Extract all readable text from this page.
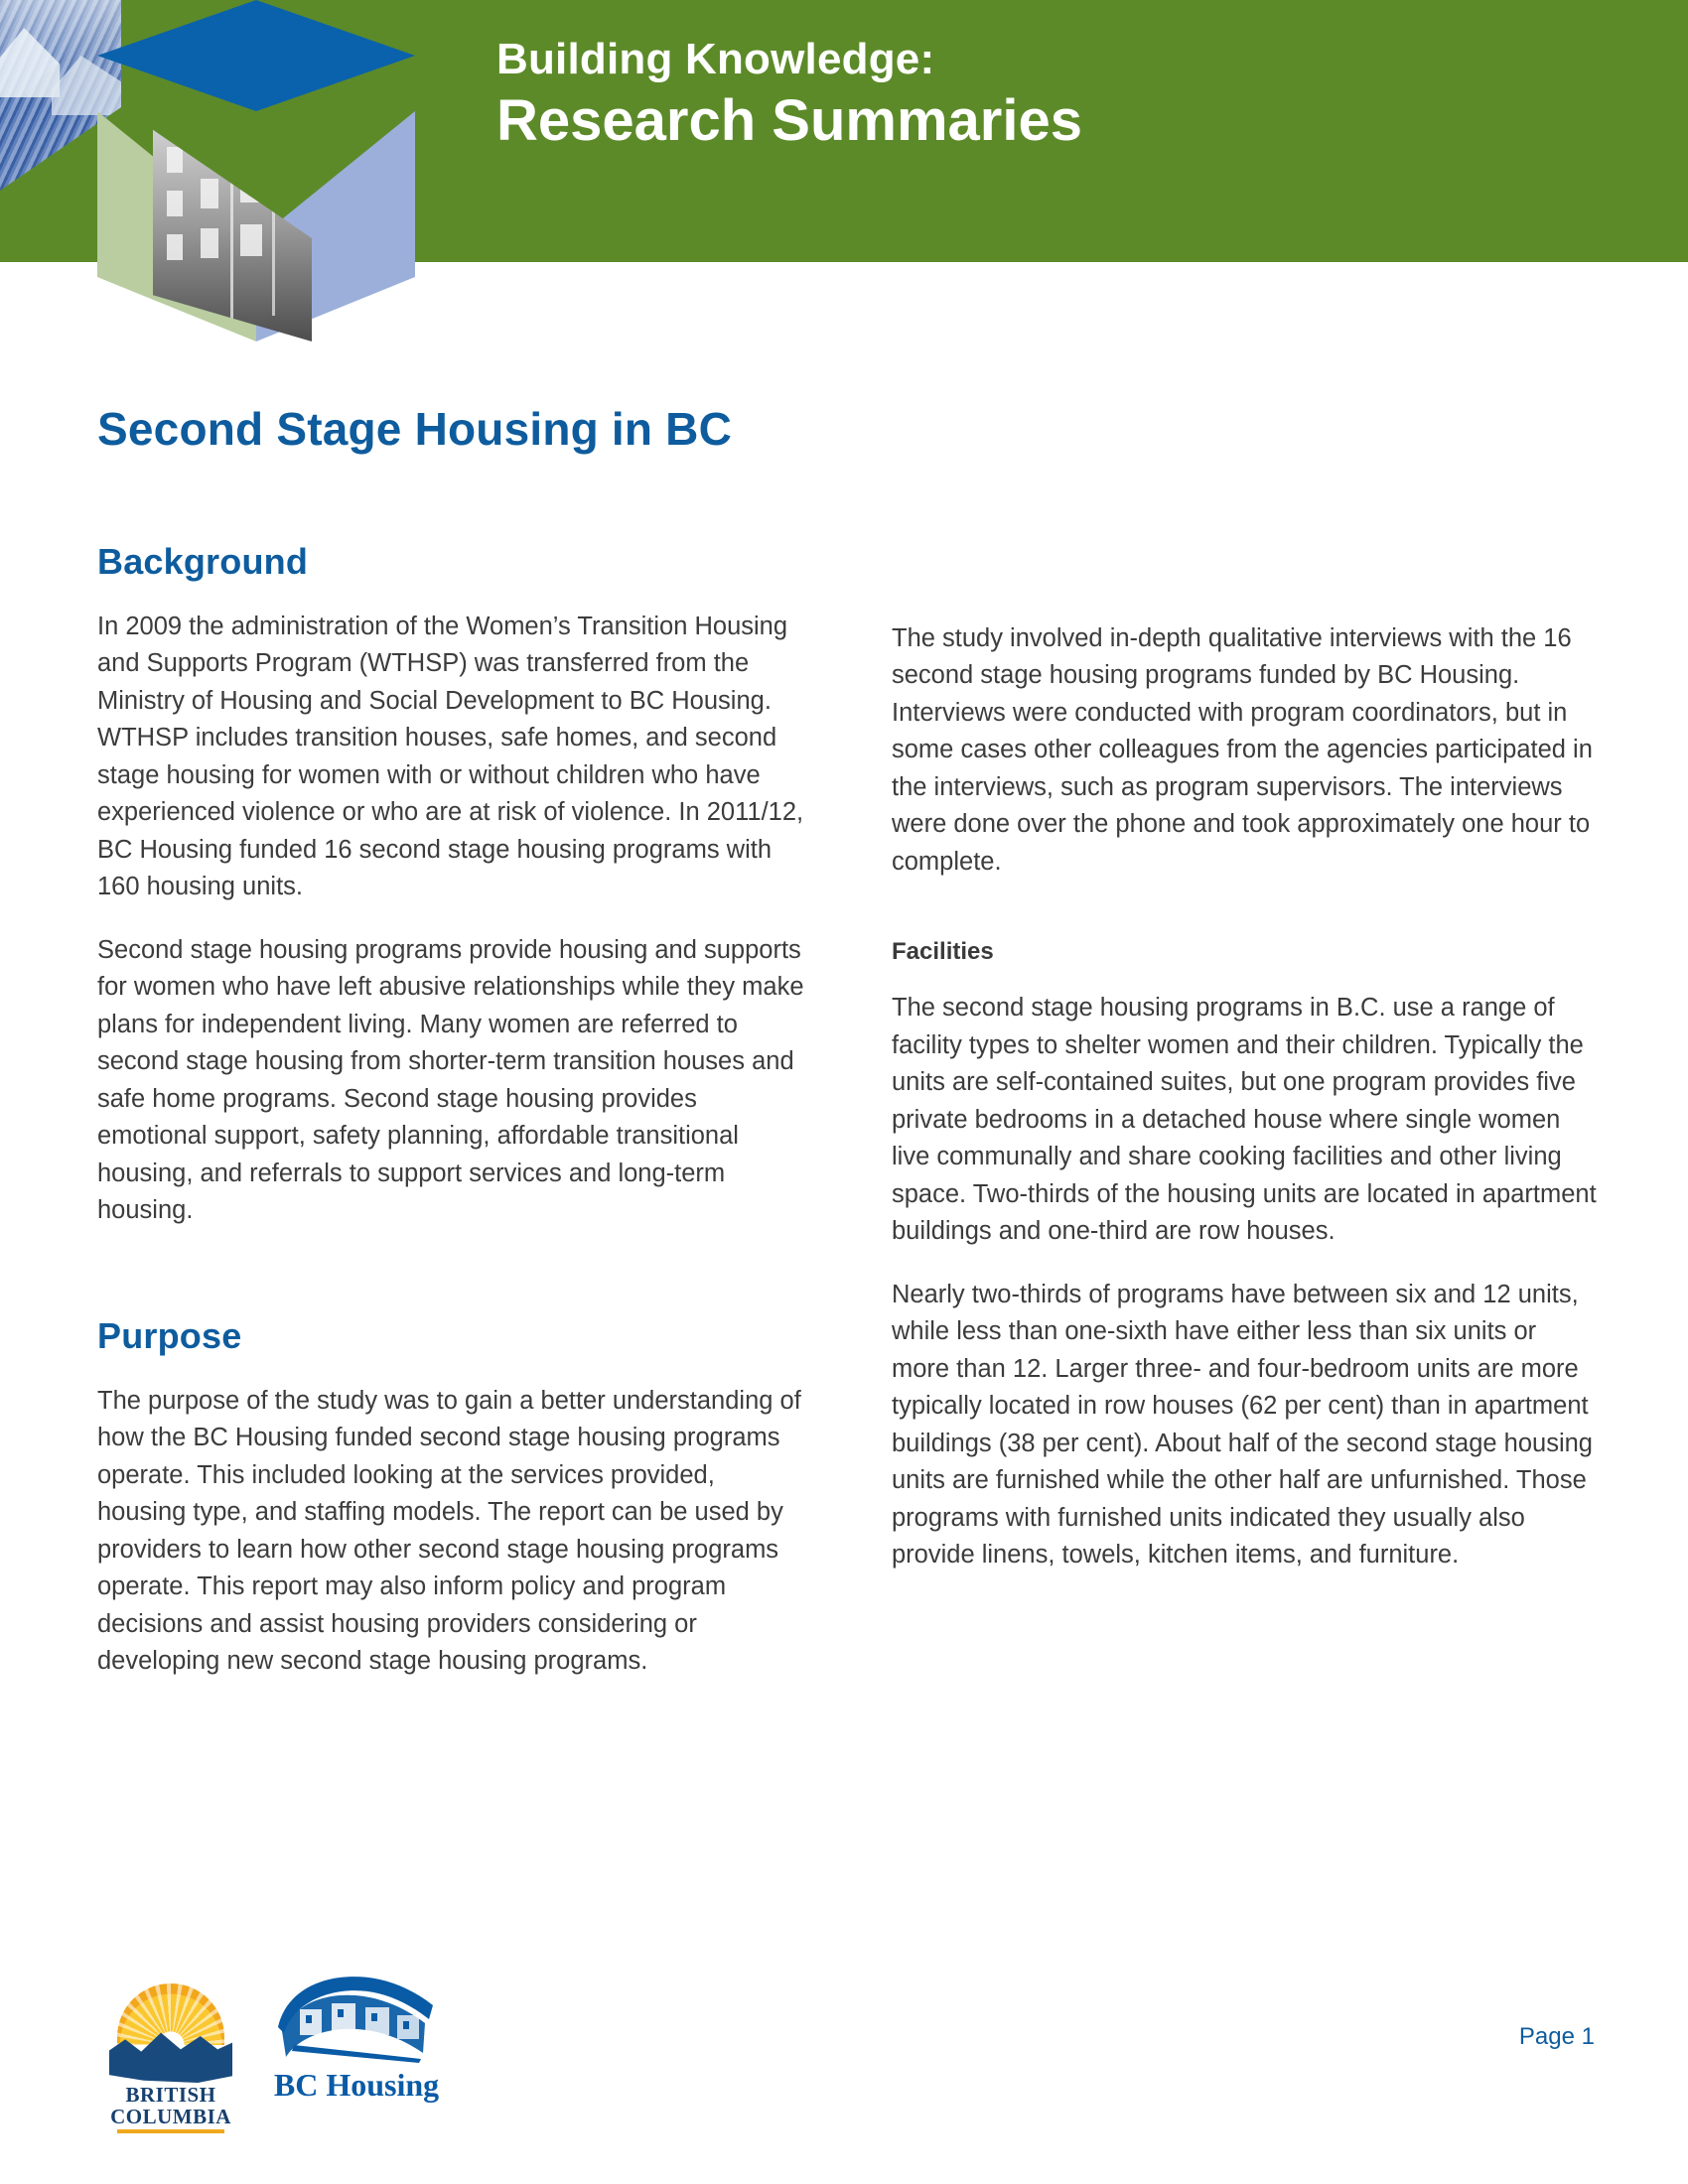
Building Knowledge:
Research Summaries
Second Stage Housing in BC
Background

In 2009 the administration of the Women’s Transition Housing and Supports Program (WTHSP) was transferred from the Ministry of Housing and Social Development to BC Housing. WTHSP includes transition houses, safe homes, and second stage housing for women with or without children who have experienced violence or who are at risk of violence. In 2011/12, BC Housing funded 16 second stage housing programs with 160 housing units.

Second stage housing programs provide housing and supports for women who have left abusive relationships while they make plans for independent living. Many women are referred to second stage housing from shorter-term transition houses and safe home programs. Second stage housing provides emotional support, safety planning, affordable transitional housing, and referrals to support services and long-term housing.

Purpose

The purpose of the study was to gain a better understanding of how the BC Housing funded second stage housing programs operate. This included looking at the services provided, housing type, and staffing models. The report can be used by providers to learn how other second stage housing programs operate. This report may also inform policy and program decisions and assist housing providers considering or developing new second stage housing programs.

The study involved in-depth qualitative interviews with the 16 second stage housing programs funded by BC Housing. Interviews were conducted with program coordinators, but in some cases other colleagues from the agencies participated in the interviews, such as program supervisors. The interviews were done over the phone and took approximately one hour to complete.

Facilities

The second stage housing programs in B.C. use a range of facility types to shelter women and their children. Typically the units are self-contained suites, but one program provides five private bedrooms in a detached house where single women live communally and share cooking facilities and other living space. Two-thirds of the housing units are located in apartment buildings and one-third are row houses.

Nearly two-thirds of programs have between six and 12 units, while less than one-sixth have either less than six units or more than 12. Larger three- and four-bedroom units are more typically located in row houses (62 per cent) than in apartment buildings (38 per cent). About half of the second stage housing units are furnished while the other half are unfurnished. Those programs with furnished units indicated they usually also provide linens, towels, kitchen items, and furniture.

BRITISH
COLUMBIA
BC Housing
Page 1
